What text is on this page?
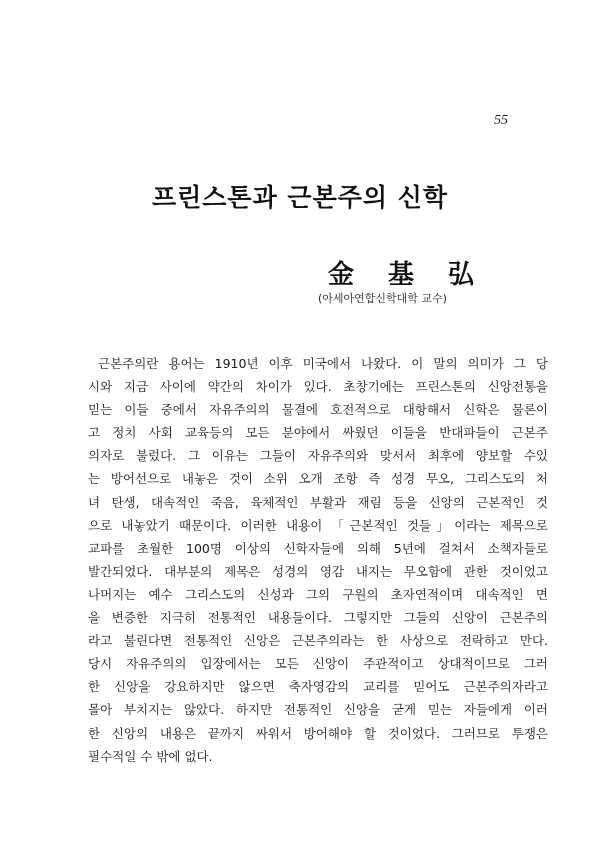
55
프린스톤과 근본주의 신학
金 基 弘
(아세아연합신학대학 교수)
근본주의란 용어는 1910년 이후 미국에서 나왔다. 이 말의 의미가 그 당
시와 지금 사이에 약간의 차이가 있다. 초창기에는 프린스톤의 신앙전통을
믿는 이들 중에서 자유주의의 물결에 호전적으로 대항해서 신학은 물론이
고 정치 사회 교육등의 모든 분야에서 싸웠던 이들을 반대파들이 근본주
의자로 불렀다. 그 이유는 그들이 자유주의와 맞서서 최후에 양보할 수있
는 방어선으로 내놓은 것이 소위 오개 조항 즉 성경 무오, 그리스도의 처
녀 탄생, 대속적인 죽음, 육체적인 부활과 재림 등을 신앙의 근본적인 것
으로 내놓았기 때문이다. 이러한 내용이 「근본적인 것들」이라는 제목으로
교파를 초월한 100명 이상의 신학자들에 의해 5년에 걸쳐서 소책자들로
발간되었다. 대부분의 제목은 성경의 영감 내지는 무오함에 관한 것이었고
나머지는 예수 그리스도의 신성과 그의 구원의 초자연적이며 대속적인 면
을 변증한 지극히 전통적인 내용들이다. 그렇지만 그들의 신앙이 근본주의
라고 불린다면 전통적인 신앙은 근본주의라는 한 사상으로 전락하고 만다.
당시 자유주의의 입장에서는 모든 신앙이 주관적이고 상대적이므로 그러
한 신앙을 강요하지만 않으면 축자영감의 교리를 믿어도 근본주의자라고
몰아 부치지는 않았다. 하지만 전통적인 신앙을 굳게 믿는 자들에게 이러
한 신앙의 내용은 끝까지 싸워서 방어해야 할 것이었다. 그러므로 투쟁은
필수적일 수 밖에 없다.
